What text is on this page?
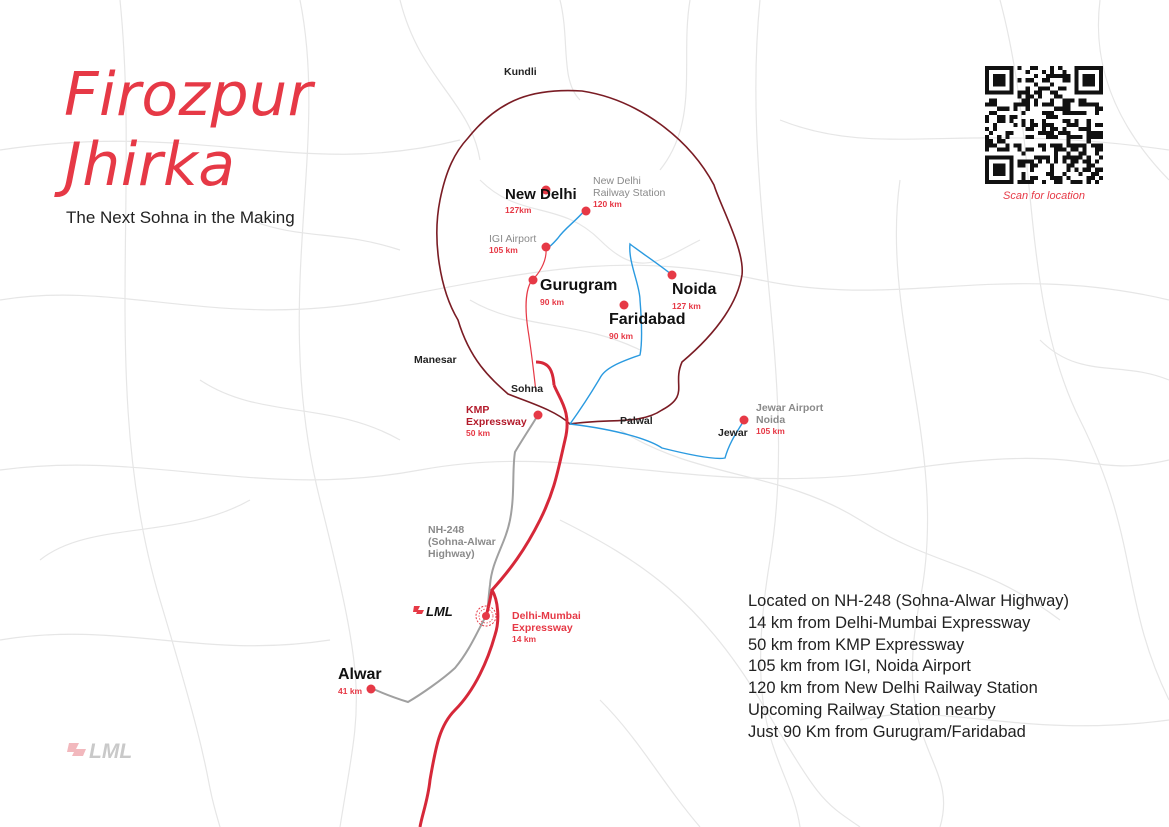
Firozpur
Jhirka
The Next Sohna in the Making
Scan for location
Kundli
New Delhi
127km
New Delhi
Railway Station
120 km
IGI Airport
105 km
Gurugram
90 km
Noida
127 km
Faridabad
90 km
Manesar
Sohna
KMP
Expressway
50 km
Palwal
Jewar
Jewar Airport
Noida
105 km
NH-248
(Sohna-Alwar
Highway)
Delhi-Mumbai
Expressway
14 km
Alwar
41 km
LML
LML
Located on NH-248 (Sohna-Alwar Highway)
14 km from Delhi-Mumbai Expressway
50 km from KMP Expressway
105 km from IGI, Noida Airport
120 km from New Delhi Railway Station
Upcoming Railway Station nearby
Just 90 Km from Gurugram/Faridabad
